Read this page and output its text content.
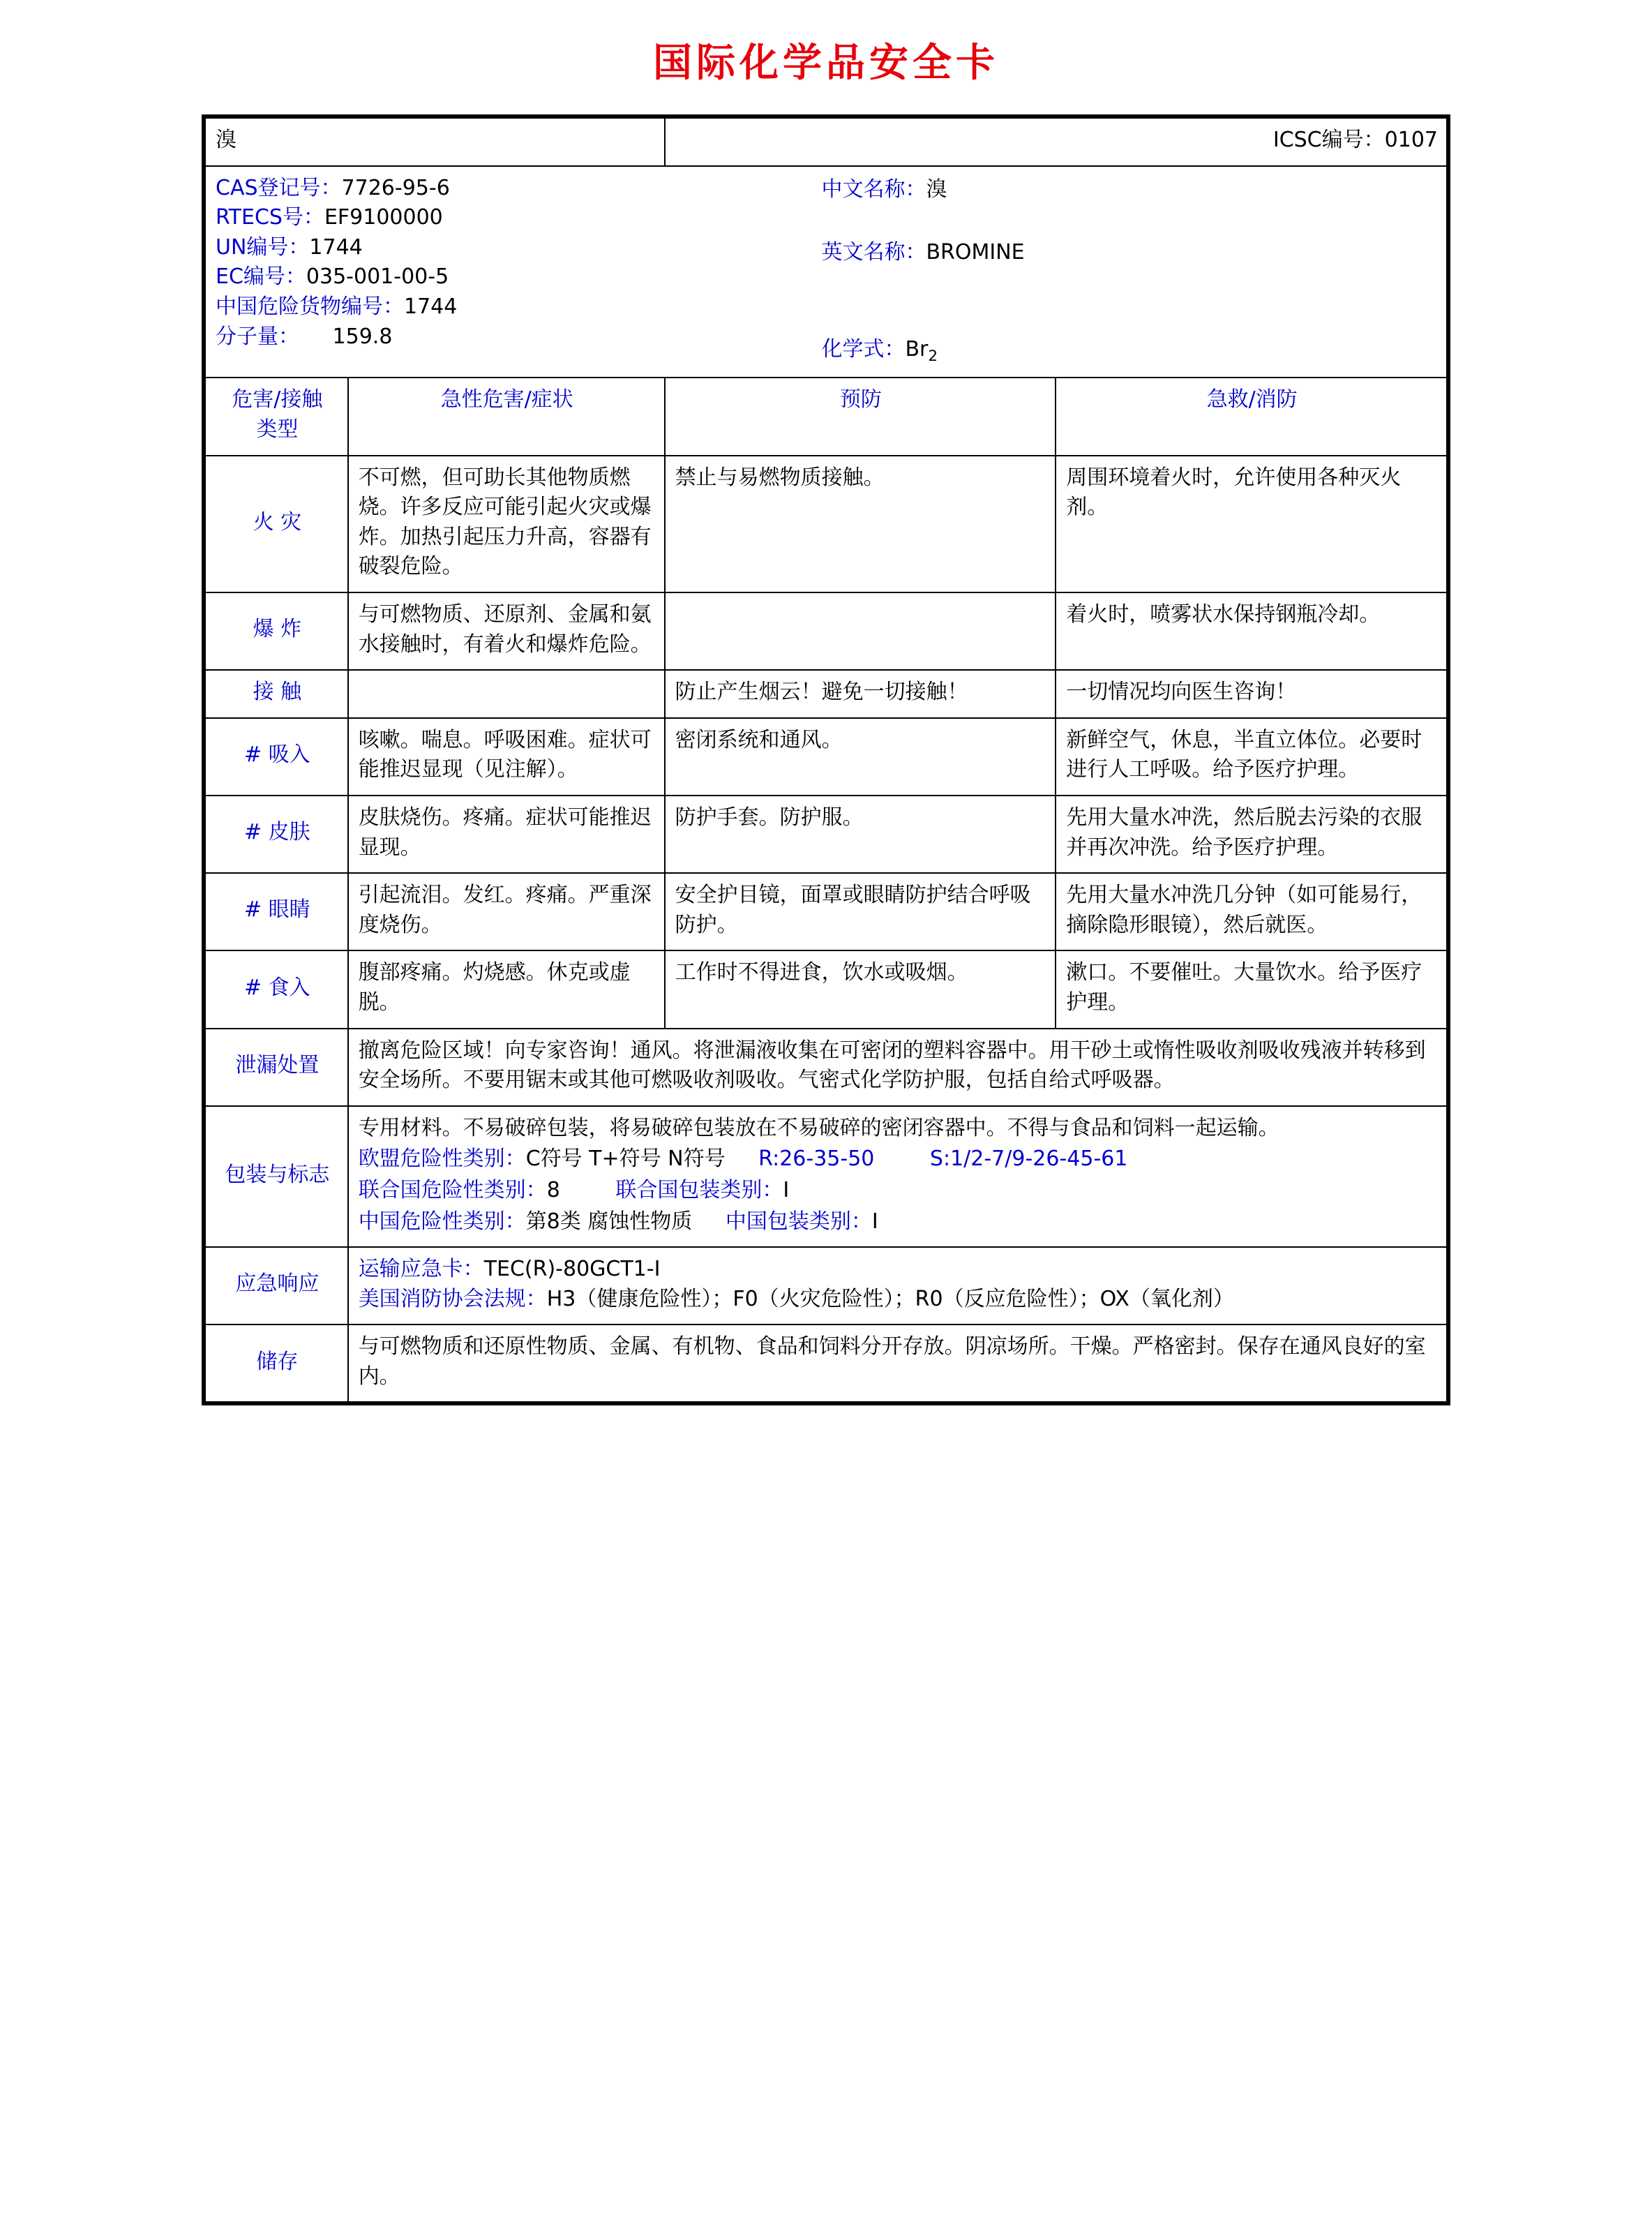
国际化学品安全卡
溴		ICSC编号：0107	

CAS登记号：7726-95-6
RTECS号：EF9100000
UN编号：1744
EC编号：035-001-00-5
中国危险货物编号：1744
分子量： 159.8
中文名称：溴
英文名称：BROMINE
化学式：$Br_2$

危害/接触
类型	急性危害/症状	预防	急救/消防
火 灾	不可燃，但可助长其他物质燃烧。许多反应可能引起火灾或爆炸。加热引起压力升高，容器有破裂危险。	禁止与易燃物质接触。	周围环境着火时，允许使用各种灭火剂。
爆 炸	与可燃物质、还原剂、金属和氨水接触时，有着火和爆炸危险。		着火时，喷雾状水保持钢瓶冷却。
接 触		防止产生烟云！避免一切接触！	一切情况均向医生咨询！
# 吸入	咳嗽。喘息。呼吸困难。症状可能推迟显现（见注解）。	密闭系统和通风。	新鲜空气，休息，半直立体位。必要时进行人工呼吸。给予医疗护理。
# 皮肤	皮肤烧伤。疼痛。症状可能推迟显现。	防护手套。防护服。	先用大量水冲洗，然后脱去污染的衣服并再次冲洗。给予医疗护理。
# 眼睛	引起流泪。发红。疼痛。严重深度烧伤。	安全护目镜，面罩或眼睛防护结合呼吸防护。	先用大量水冲洗几分钟（如可能易行，摘除隐形眼镜），然后就医。
# 食入	腹部疼痛。灼烧感。休克或虚脱。	工作时不得进食，饮水或吸烟。	漱口。不要催吐。大量饮水。给予医疗护理。
泄漏处置	撤离危险区域！向专家咨询！通风。将泄漏液收集在可密闭的塑料容器中。用干砂土或惰性吸收剂吸收残液并转移到安全场所。不要用锯末或其他可燃吸收剂吸收。气密式化学防护服，包括自给式呼吸器。		
包装与标志	专用材料。不易破碎包装，将易破碎包装放在不易破碎的密闭容器中。不得与食品和饲料一起运输。
欧盟危险性类别：C符号 T+符号 N符号 R:26-35-50 S:1/2-7/9-26-45-61
联合国危险性类别：8 联合国包装类别：I
中国危险性类别：第8类 腐蚀性物质 中国包装类别：I		

应急响应	运输应急卡：TEC(R)-80GCT1-I
美国消防协会法规：H3（健康危险性）；F0（火灾危险性）；R0（反应危险性）；OX（氧化剂）		

储存	与可燃物质和还原性物质、金属、有机物、食品和饲料分开存放。阴凉场所。干燥。严格密封。保存在通风良好的室内。		
